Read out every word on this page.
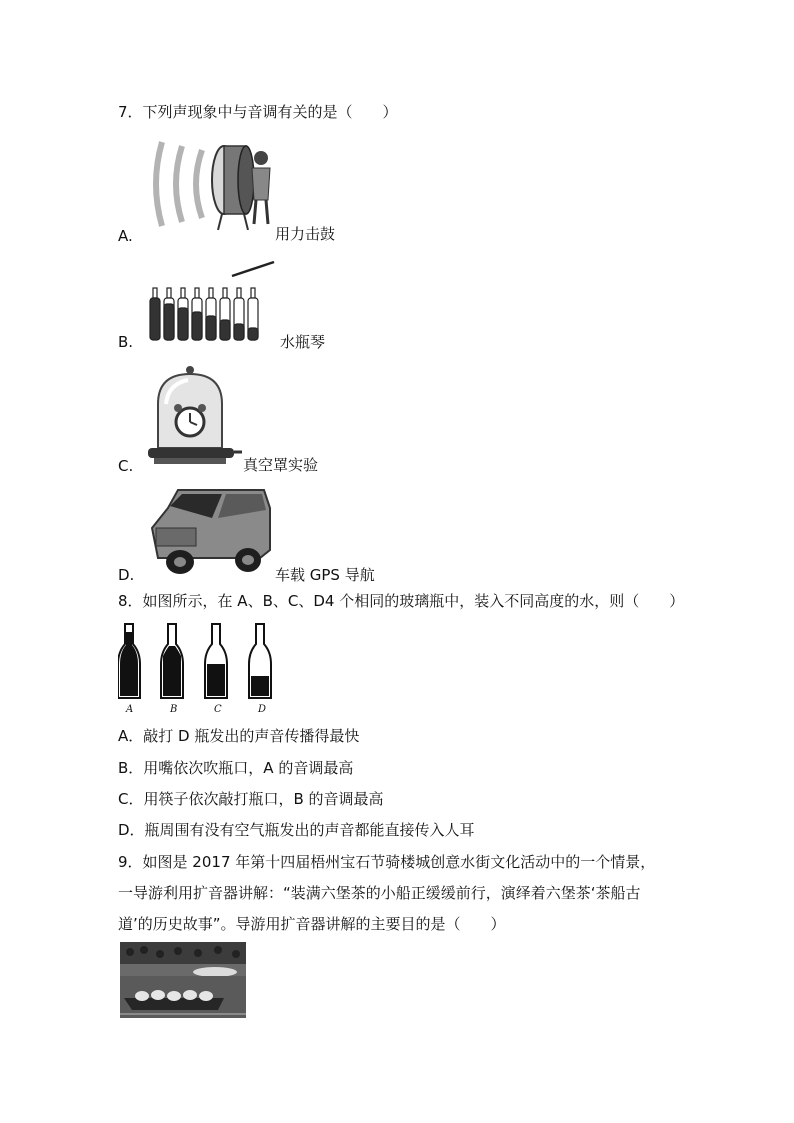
7．下列声现象中与音调有关的是（　　）
A.	用力击鼓
B.	水瓶琴
C.	真空罩实验
D.	车载 GPS 导航
8．如图所示，在 A、B、C、D4 个相同的玻璃瓶中，装入不同高度的水，则（　　）
A	B	C	D
A．敲打 D 瓶发出的声音传播得最快
B．用嘴依次吹瓶口，A 的音调最高
C．用筷子依次敲打瓶口，B 的音调最高
D．瓶周围有没有空气瓶发出的声音都能直接传入人耳
9．如图是 2017 年第十四届梧州宝石节骑楼城创意水街文化活动中的一个情景，
一导游利用扩音器讲解：“装满六堡茶的小船正缓缓前行，演绎着六堡茶‘茶船古
道’的历史故事”。导游用扩音器讲解的主要目的是（　　）
